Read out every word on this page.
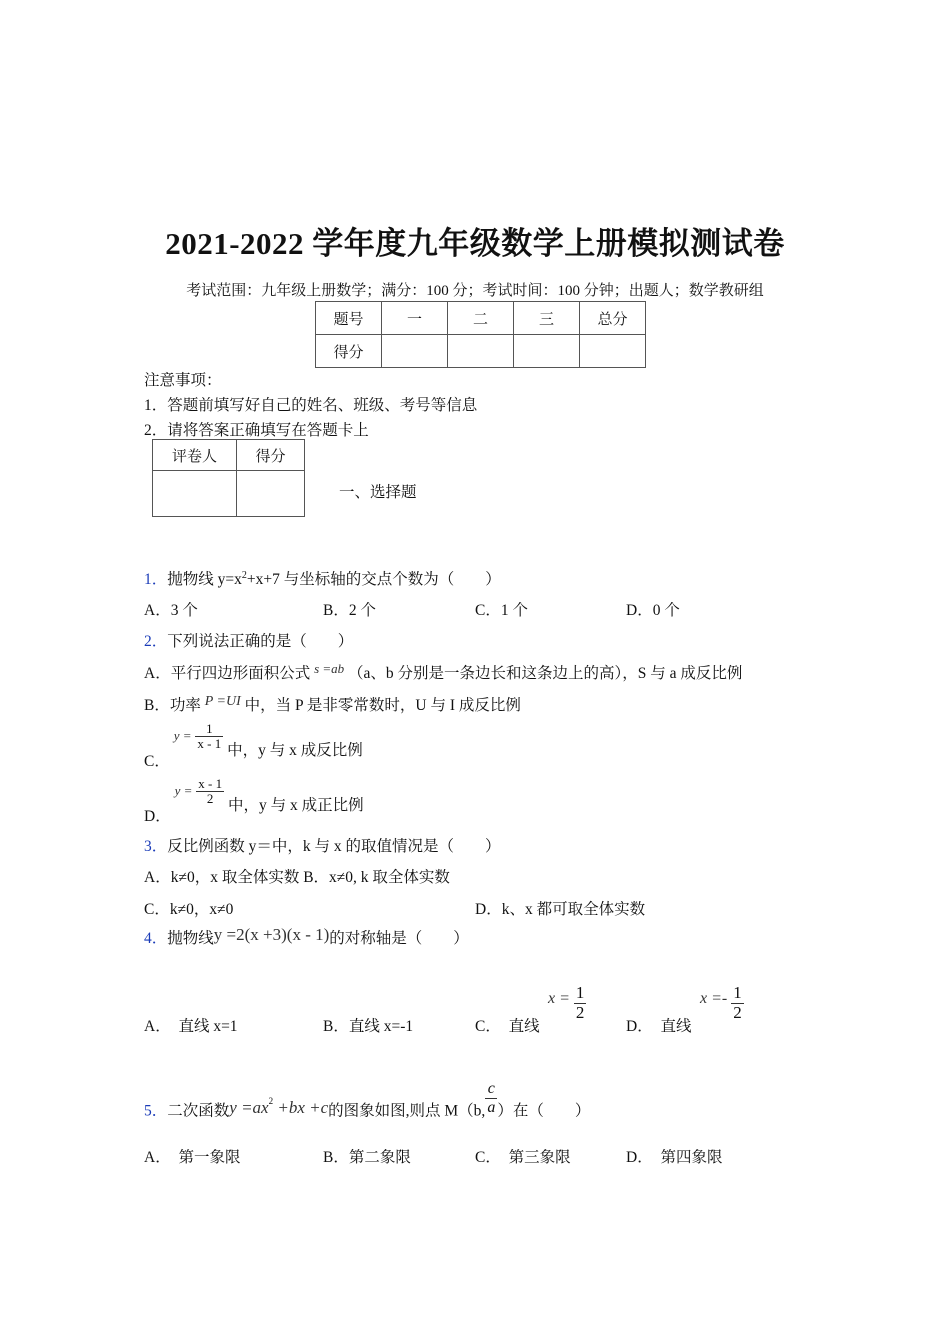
2021-2022 学年度九年级数学上册模拟测试卷
考试范围：九年级上册数学；满分：100 分；考试时间：100 分钟；出题人；数学教研组
题号	一	二	三	总分
得分				
注意事项：
1．答题前填写好自己的姓名、班级、考号等信息
2．请将答案正确填写在答题卡上
评卷人	得分

一、选择题
1．抛物线 $y=x^2+x+7$ 与坐标轴的交点个数为（　　）
A．3 个	B．2 个	C．1 个	D．0 个
2．下列说法正确的是（　　）
A．平行四边形面积公式 $^{s =ab}$ （a、b 分别是一条边长和这条边上的高），S 与 a 成反比例
B．功率 P =UI 中，当 P 是非零常数时，U 与 I 成反比例
C． $y = \frac{1}{x - 1}$ 中，y 与 x 成反比例
D． $y = \frac{x - 1}{2}$ 中，y 与 x 成正比例
3．反比例函数 y＝中，k 与 x 的取值情况是（　　）
A．k≠0，x 取全体实数 B．x≠0, k 取全体实数
C．k≠0，x≠0	D．k、x 都可取全体实数
4．抛物线y =2(x +3)(x - 1)的对称轴是（　　）
A．　直线 x=1	B．直线 x=-1	C．　直线
$x = \frac{1}{2}$
D．　直线
$x =- \frac{1}{2}$
5．二次函数$y =ax^2 +bx +c$的图象如图,则点 M（b, $\frac{c}{a}$ ）在（　　）
A．　第一象限	B．第二象限	C．　第三象限	D．　第四象限
